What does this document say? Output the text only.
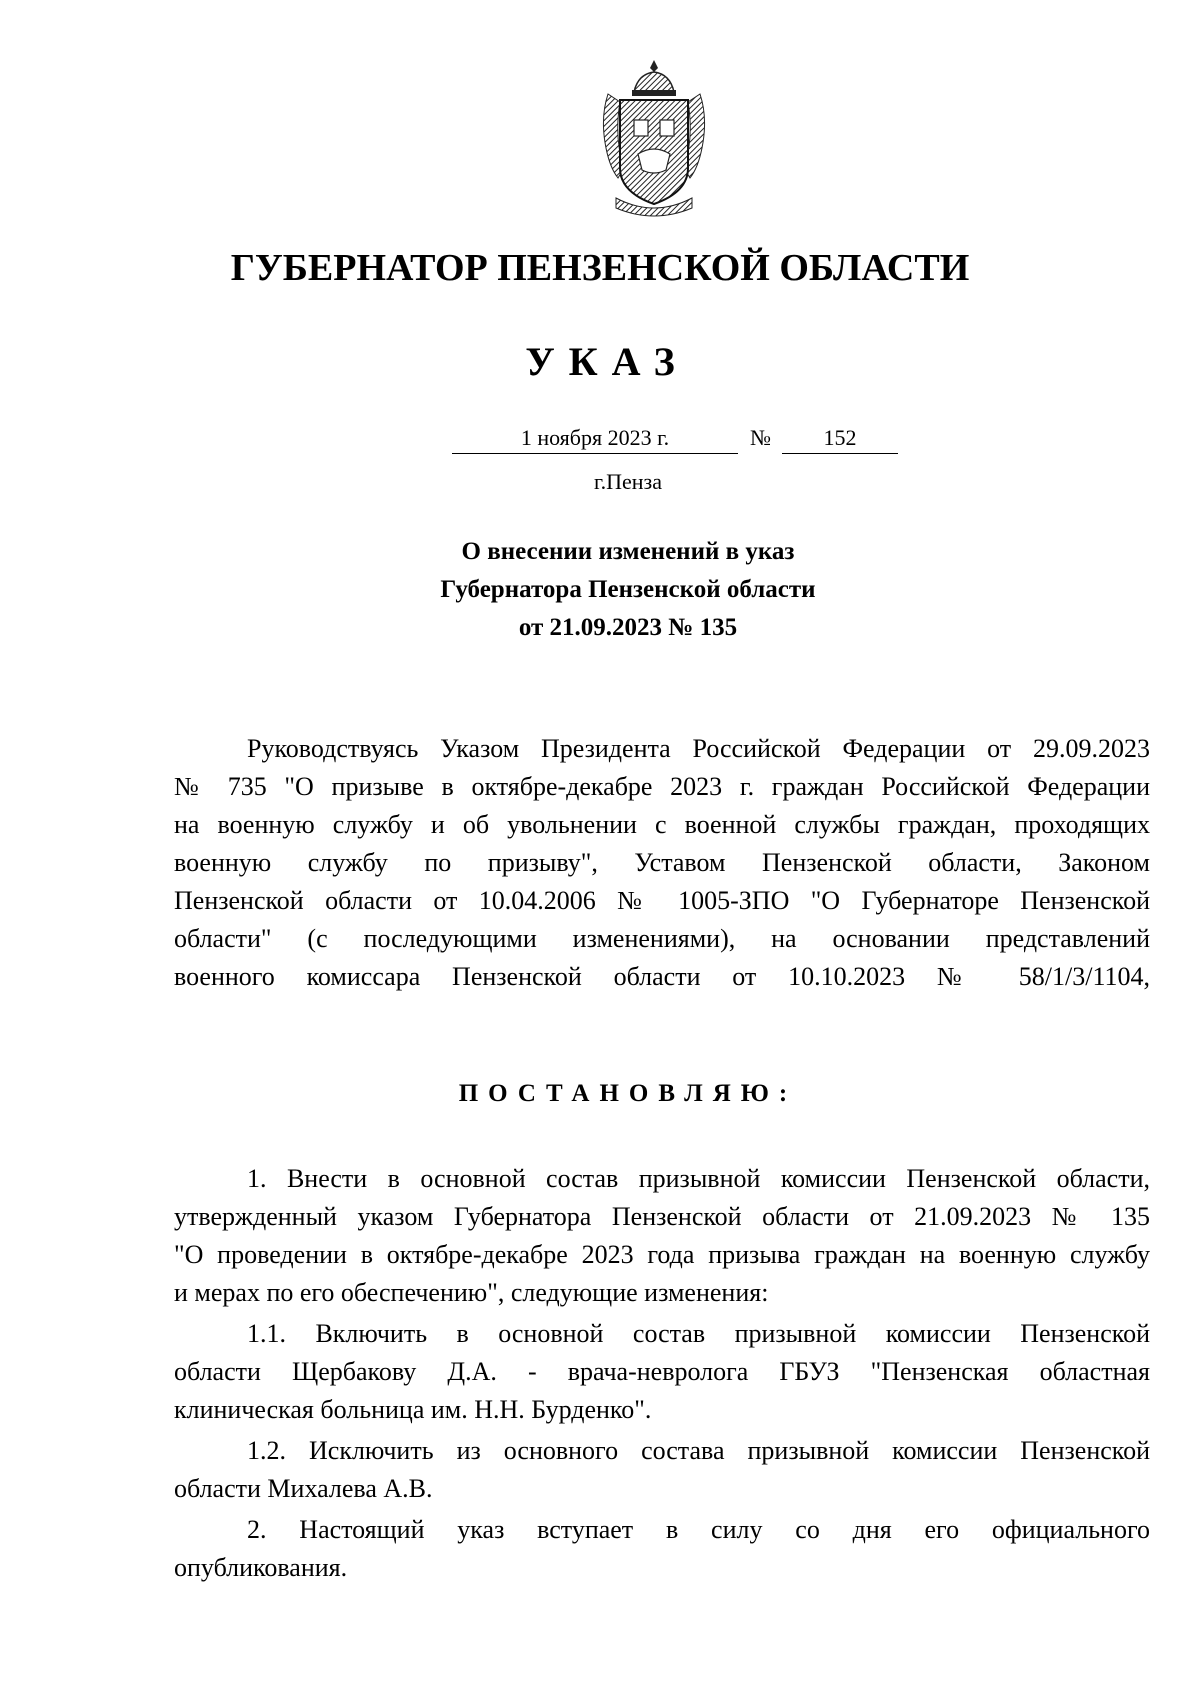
ГУБЕРНАТОР ПЕНЗЕНСКОЙ ОБЛАСТИ
УКАЗ
1 ноября 2023 г.	№	152
г.Пенза
О внесении изменений в указ
Губернатора Пензенской области
от 21.09.2023 № 135
Руководствуясь Указом Президента Российской Федерации от 29.09.2023
№ 735 "О призыве в октябре-декабре 2023 г. граждан Российской Федерации
на военную службу и об увольнении с военной службы граждан, проходящих
военную службу по призыву", Уставом Пензенской области, Законом
Пензенской области от 10.04.2006 № 1005-ЗПО "О Губернаторе Пензенской
области" (с последующими изменениями), на основании представлений
военного комиссара Пензенской области от 10.10.2023 № 58/1/3/1104,
ПОСТАНОВЛЯЮ:
1. Внести в основной состав призывной комиссии Пензенской области,
утвержденный указом Губернатора Пензенской области от 21.09.2023 № 135
"О проведении в октябре-декабре 2023 года призыва граждан на военную службу
и мерах по его обеспечению", следующие изменения:
1.1. Включить в основной состав призывной комиссии Пензенской
области Щербакову Д.А. - врача-невролога ГБУЗ "Пензенская областная
клиническая больница им. Н.Н. Бурденко".
1.2. Исключить из основного состава призывной комиссии Пензенской
области Михалева А.В.
2. Настоящий указ вступает в силу со дня его официального
опубликования.
